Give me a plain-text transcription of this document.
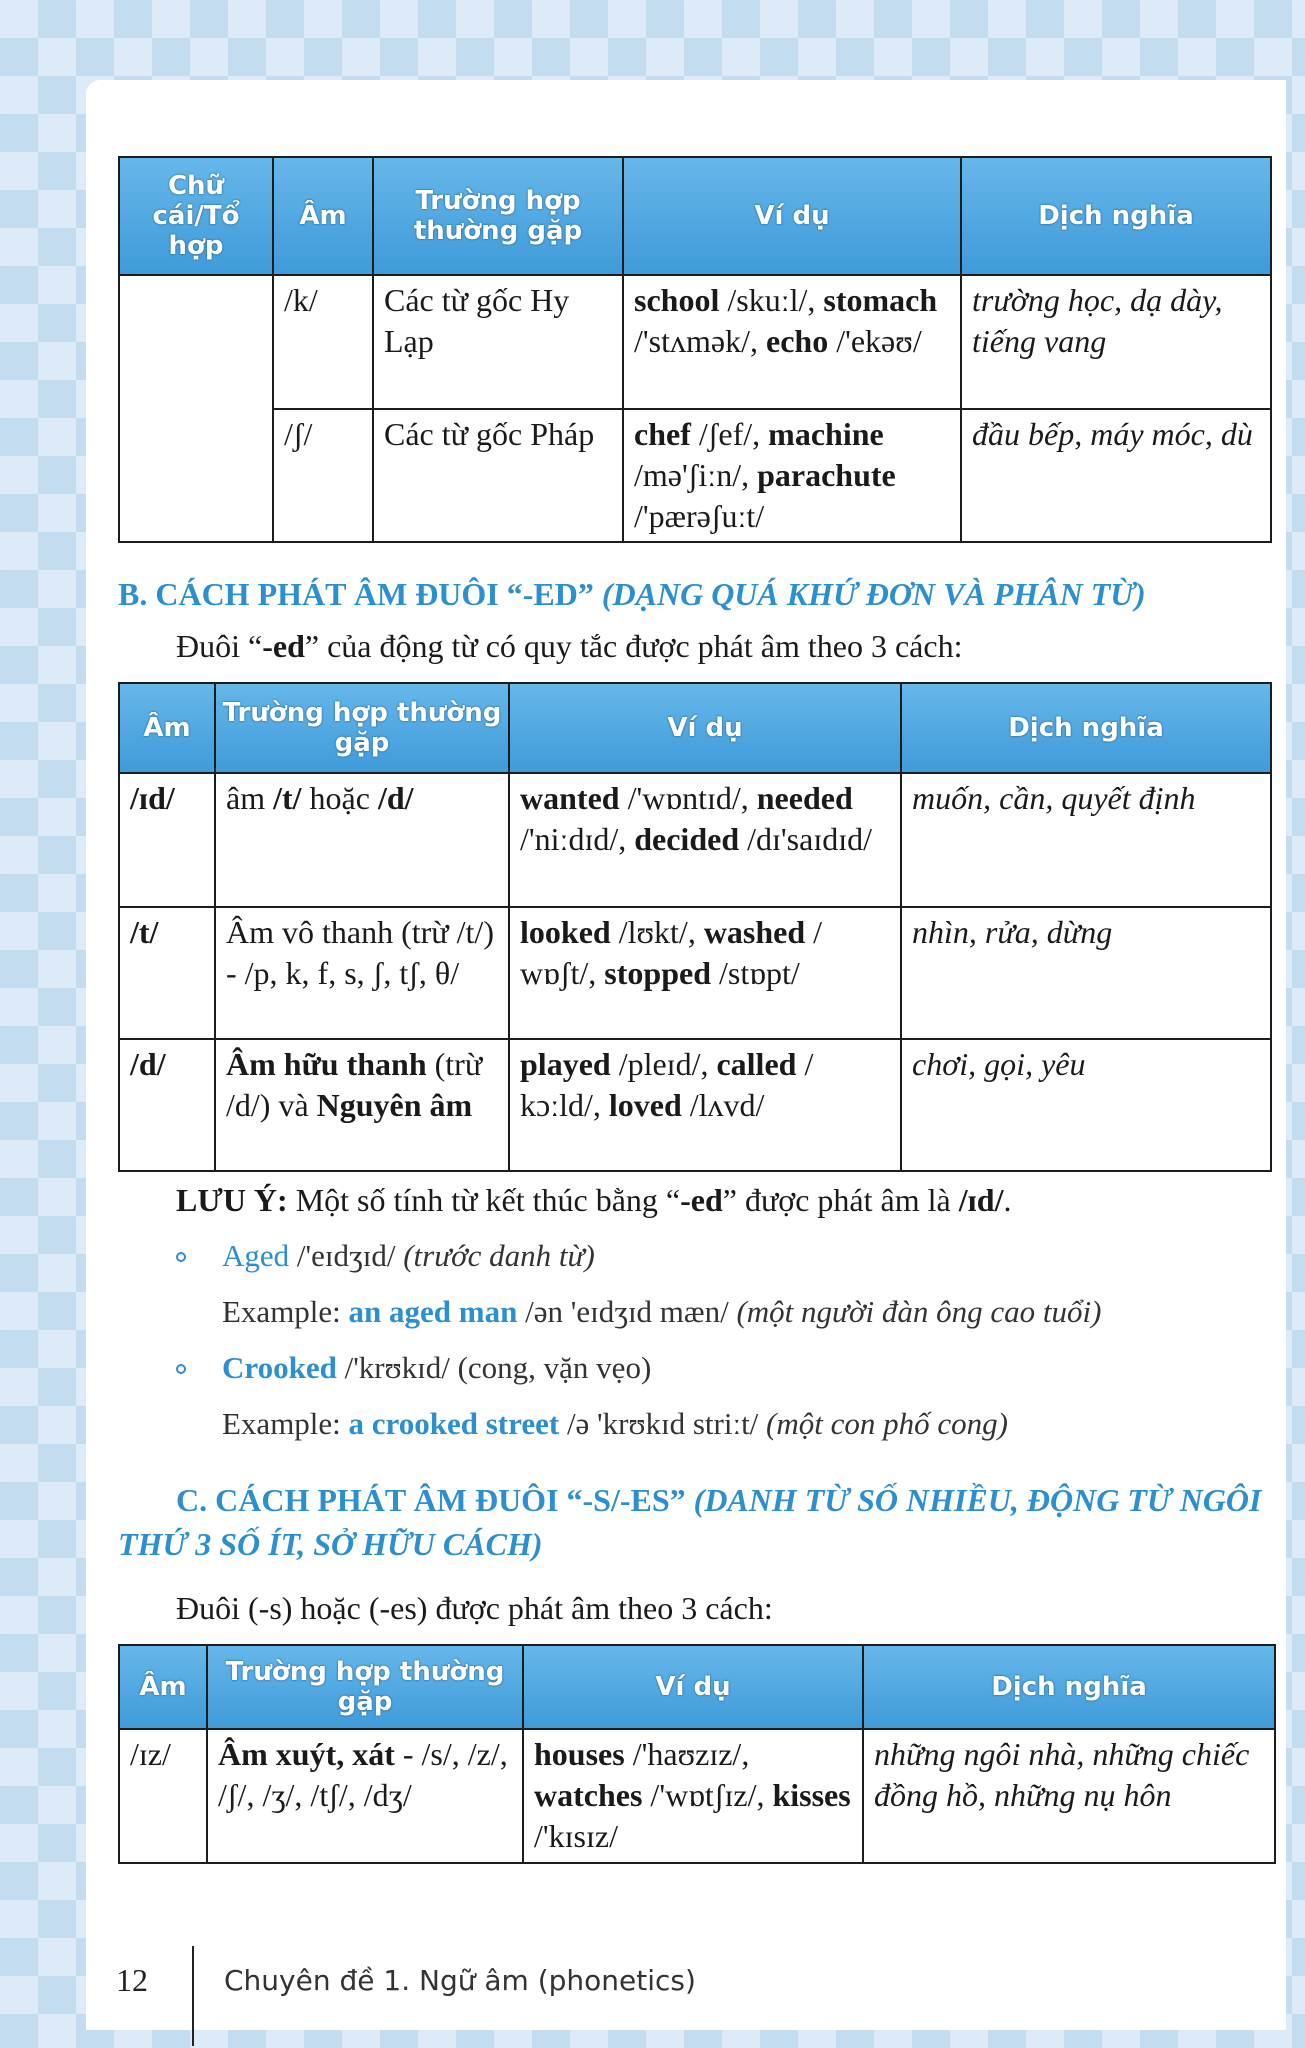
Chữ cái/Tổ hợp	Âm	Trường hợp thường gặp	Ví dụ	Dịch nghĩa
	/k/	Các từ gốc Hy Lạp	school /skuːl/, stomach /'stʌmək/, echo /'ekəʊ/	trường học, dạ dày, tiếng vang
	/ʃ/	Các từ gốc Pháp	chef /ʃef/, machine /mə'ʃiːn/, parachute /'pærəʃuːt/	đầu bếp, máy móc, dù
B. CÁCH PHÁT ÂM ĐUÔI “-ED” (DẠNG QUÁ KHỨ ĐƠN VÀ PHÂN TỪ)
Đuôi “-ed” của động từ có quy tắc được phát âm theo 3 cách:
Âm	Trường hợp thường gặp	Ví dụ	Dịch nghĩa
/ɪd/	âm /t/ hoặc /d/	wanted /'wɒntɪd/, needed /'niːdɪd/, decided /dɪ'saɪdɪd/	muốn, cần, quyết định
/t/	Âm vô thanh (trừ /t/) - /p, k, f, s, ʃ, tʃ, θ/	looked /lʊkt/, washed / wɒʃt/, stopped /stɒpt/	nhìn, rửa, dừng
/d/	Âm hữu thanh (trừ /d/) và Nguyên âm	played /pleɪd/, called / kɔːld/, loved /lʌvd/	chơi, gọi, yêu
LƯU Ý: Một số tính từ kết thúc bằng “-ed” được phát âm là /ɪd/.
Aged /'eɪdʒɪd/ (trước danh từ)
Example: an aged man /ən 'eɪdʒɪd mæn/ (một người đàn ông cao tuổi)
Crooked /'krʊkɪd/ (cong, vặn vẹo)
Example: a crooked street /ə 'krʊkɪd striːt/ (một con phố cong)
C. CÁCH PHÁT ÂM ĐUÔI “-S/-ES” (DANH TỪ SỐ NHIỀU, ĐỘNG TỪ NGÔI THỨ 3 SỐ ÍT, SỞ HỮU CÁCH)
Đuôi (-s) hoặc (-es) được phát âm theo 3 cách:
Âm	Trường hợp thường gặp	Ví dụ	Dịch nghĩa
/ɪz/	Âm xuýt, xát - /s/, /z/, /ʃ/, /ʒ/, /tʃ/, /dʒ/	houses /'haʊzɪz/, watches /'wɒtʃɪz/, kisses /'kɪsɪz/	những ngôi nhà, những chiếc đồng hồ, những nụ hôn
12	Chuyên đề 1. Ngữ âm (phonetics)
